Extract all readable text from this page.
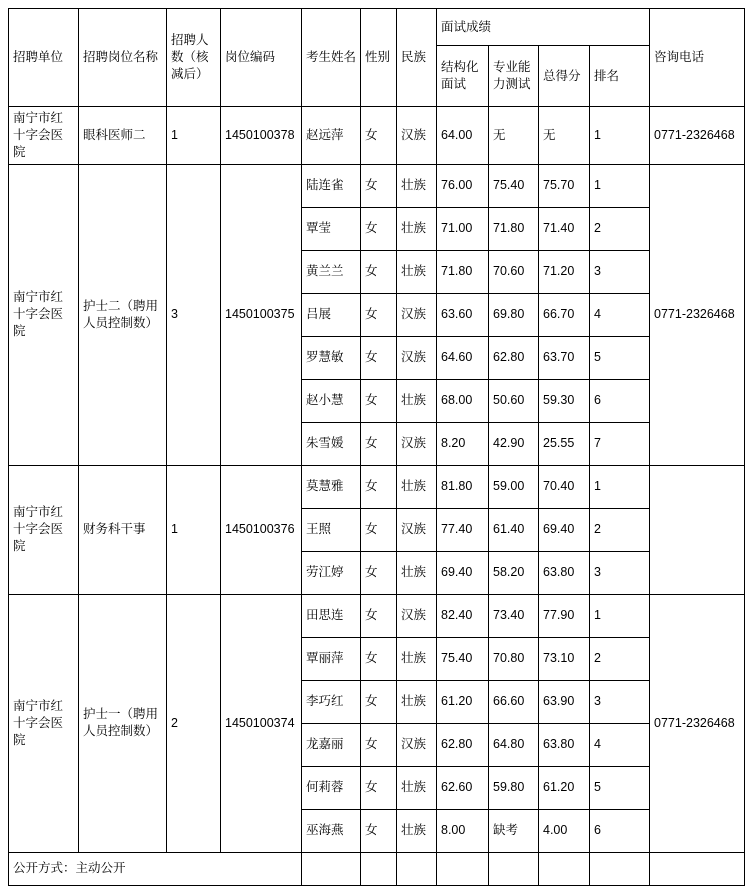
招聘单位	招聘岗位名称	招聘人数（核减后）	岗位编码	考生姓名	性别	民族	面试成绩				咨询电话
							结构化面试	专业能力测试	总得分	排名	
南宁市红十字会医院	眼科医师二	1	1450100378	赵远萍	女	汉族	64.00	无	无	1	0771-2326468
南宁市红十字会医院	护士二（聘用人员控制数）	3	1450100375	陆连雀	女	壮族	76.00	75.40	75.70	1	0771-2326468
				覃莹	女	壮族	71.00	71.80	71.40	2	
				黄兰兰	女	壮族	71.80	70.60	71.20	3	
				吕展	女	汉族	63.60	69.80	66.70	4	
				罗慧敏	女	汉族	64.60	62.80	63.70	5	
				赵小慧	女	壮族	68.00	50.60	59.30	6	
				朱雪媛	女	汉族	8.20	42.90	25.55	7	
南宁市红十字会医院	财务科干事	1	1450100376	莫慧雅	女	壮族	81.80	59.00	70.40	1	
				王照	女	汉族	77.40	61.40	69.40	2	
				劳江婷	女	壮族	69.40	58.20	63.80	3	
南宁市红十字会医院	护士一（聘用人员控制数）	2	1450100374	田思连	女	汉族	82.40	73.40	77.90	1	0771-2326468
				覃丽萍	女	壮族	75.40	70.80	73.10	2	
				李巧红	女	壮族	61.20	66.60	63.90	3	
				龙嘉丽	女	汉族	62.80	64.80	63.80	4	
				何莉蓉	女	壮族	62.60	59.80	61.20	5	
				巫海燕	女	壮族	8.00	缺考	4.00	6	
公开方式：主动公开											
